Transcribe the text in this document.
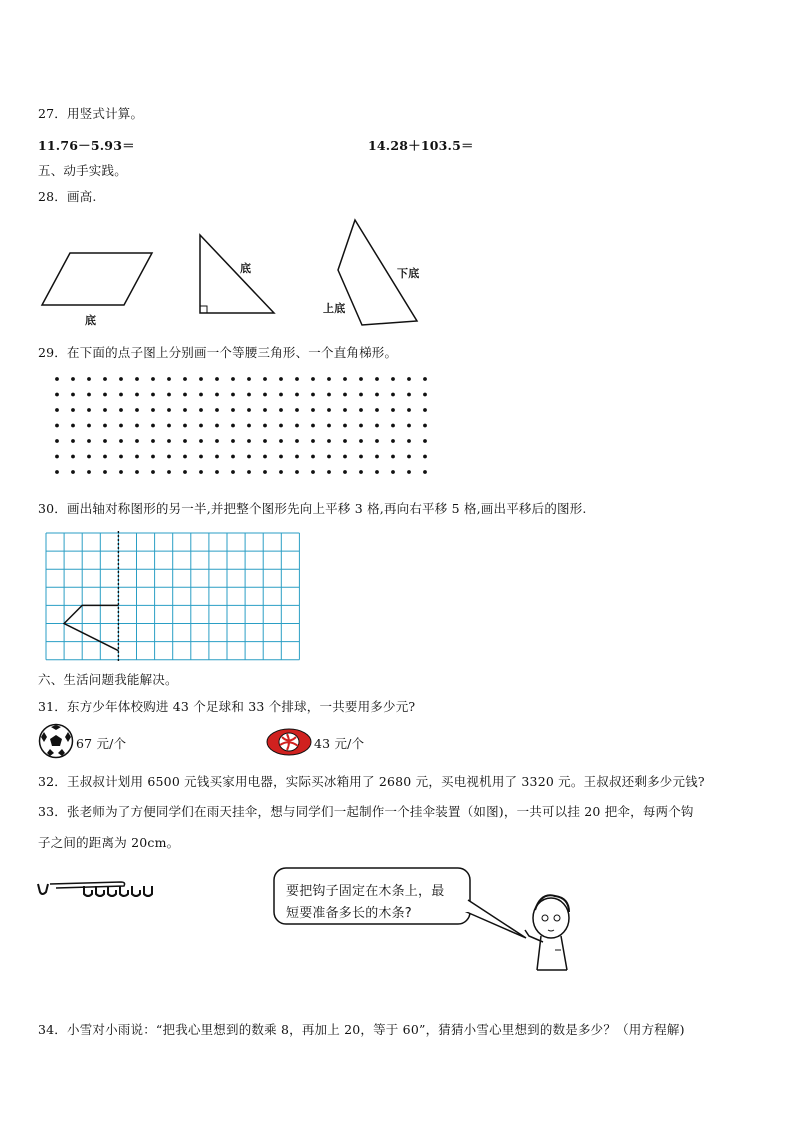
27．用竖式计算。
11.76－5.93＝	14.28＋103.5＝
五、动手实践。
28．画高.
底
底	下底
上底
29．在下面的点子图上分别画一个等腰三角形、一个直角梯形。
30．画出轴对称图形的另一半,并把整个图形先向上平移 3 格,再向右平移 5 格,画出平移后的图形.
六、生活问题我能解决。
31．东方少年体校购进 43 个足球和 33 个排球，一共要用多少元?
67 元/个	43 元/个
32．王叔叔计划用 6500 元钱买家用电器，实际买冰箱用了 2680 元，买电视机用了 3320 元。王叔叔还剩多少元钱?
33．张老师为了方便同学们在雨天挂伞，想与同学们一起制作一个挂伞装置（如图)，一共可以挂 20 把伞，每两个钩
子之间的距离为 20cm。
要把钩子固定在木条上，最
短要准备多长的木条?
34．小雪对小雨说：“把我心里想到的数乘 8，再加上 20，等于 60”，猜猜小雪心里想到的数是多少？（用方程解)
